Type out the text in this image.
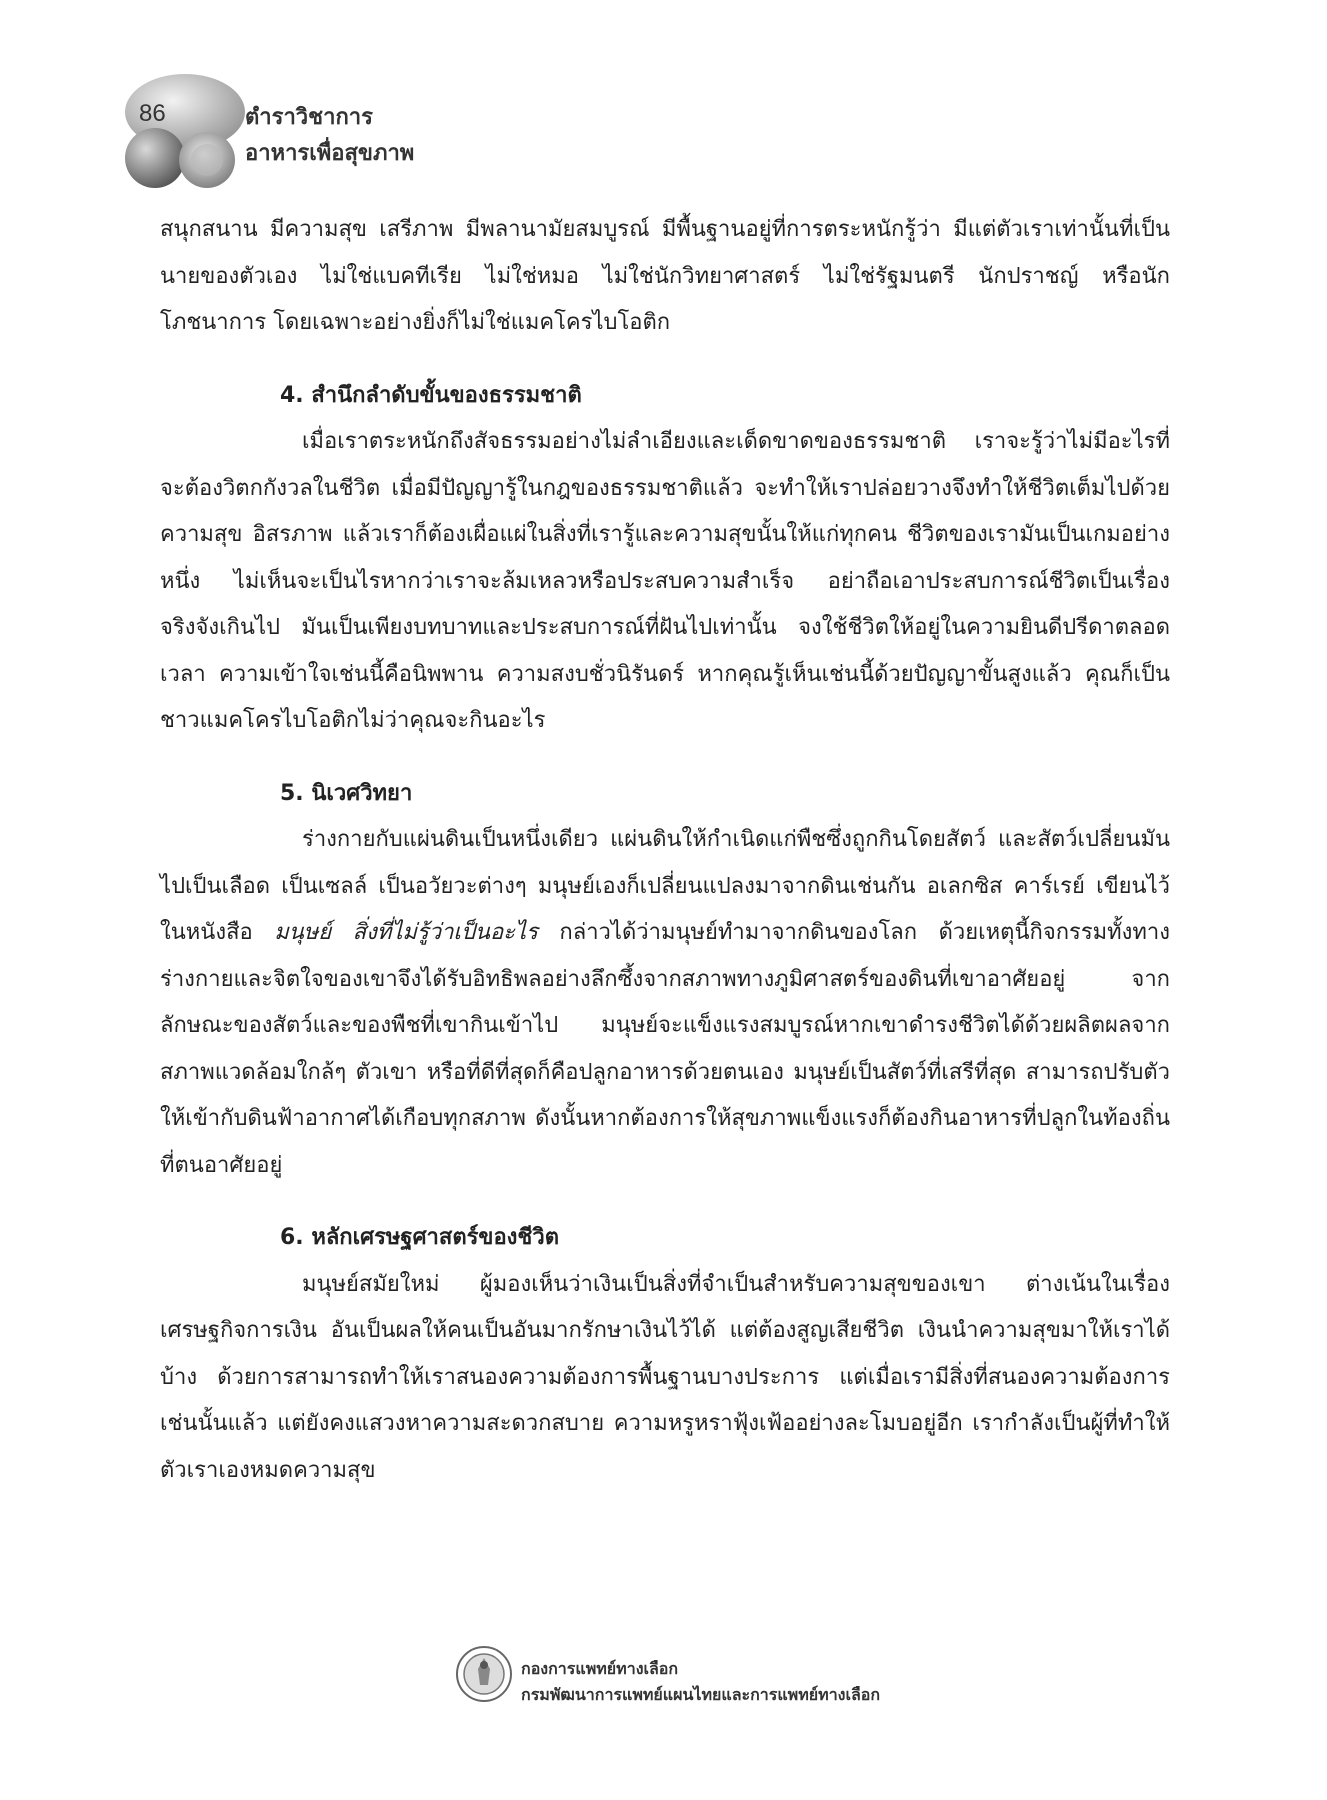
86	ตำราวิชาการ
อาหารเพื่อสุขภาพ

สนุกสนาน มีความสุข เสรีภาพ มีพลานามัยสมบูรณ์ มีพื้นฐานอยู่ที่การตระหนักรู้ว่า มีแต่ตัวเราเท่านั้นที่เป็นนายของตัวเอง ไม่ใช่แบคทีเรีย ไม่ใช่หมอ ไม่ใช่นักวิทยาศาสตร์ ไม่ใช่รัฐมนตรี นักปราชญ์ หรือนักโภชนาการ โดยเฉพาะอย่างยิ่งก็ไม่ใช่แมคโครไบโอติก

4. สำนึกลำดับขั้นของธรรมชาติ

เมื่อเราตระหนักถึงสัจธรรมอย่างไม่ลำเอียงและเด็ดขาดของธรรมชาติ เราจะรู้ว่าไม่มีอะไรที่จะต้องวิตกกังวลในชีวิต เมื่อมีปัญญารู้ในกฎของธรรมชาติแล้ว จะทำให้เราปล่อยวางจึงทำให้ชีวิตเต็มไปด้วยความสุข อิสรภาพ แล้วเราก็ต้องเผื่อแผ่ในสิ่งที่เรารู้และความสุขนั้นให้แก่ทุกคน ชีวิตของเรามันเป็นเกมอย่างหนึ่ง ไม่เห็นจะเป็นไรหากว่าเราจะล้มเหลวหรือประสบความสำเร็จ อย่าถือเอาประสบการณ์ชีวิตเป็นเรื่องจริงจังเกินไป มันเป็นเพียงบทบาทและประสบการณ์ที่ฝันไปเท่านั้น จงใช้ชีวิตให้อยู่ในความยินดีปรีดาตลอดเวลา ความเข้าใจเช่นนี้คือนิพพาน ความสงบชั่วนิรันดร์ หากคุณรู้เห็นเช่นนี้ด้วยปัญญาขั้นสูงแล้ว คุณก็เป็นชาวแมคโครไบโอติกไม่ว่าคุณจะกินอะไร

5. นิเวศวิทยา

ร่างกายกับแผ่นดินเป็นหนึ่งเดียว แผ่นดินให้กำเนิดแก่พืชซึ่งถูกกินโดยสัตว์ และสัตว์เปลี่ยนมันไปเป็นเลือด เป็นเซลล์ เป็นอวัยวะต่างๆ มนุษย์เองก็เปลี่ยนแปลงมาจากดินเช่นกัน อเลกซิส คาร์เรย์ เขียนไว้ในหนังสือ มนุษย์ สิ่งที่ไม่รู้ว่าเป็นอะไร กล่าวได้ว่ามนุษย์ทำมาจากดินของโลก ด้วยเหตุนี้กิจกรรมทั้งทางร่างกายและจิตใจของเขาจึงได้รับอิทธิพลอย่างลึกซึ้งจากสภาพทางภูมิศาสตร์ของดินที่เขาอาศัยอยู่ จากลักษณะของสัตว์และของพืชที่เขากินเข้าไป มนุษย์จะแข็งแรงสมบูรณ์หากเขาดำรงชีวิตได้ด้วยผลิตผลจากสภาพแวดล้อมใกล้ๆ ตัวเขา หรือที่ดีที่สุดก็คือปลูกอาหารด้วยตนเอง มนุษย์เป็นสัตว์ที่เสรีที่สุด สามารถปรับตัวให้เข้ากับดินฟ้าอากาศได้เกือบทุกสภาพ ดังนั้นหากต้องการให้สุขภาพแข็งแรงก็ต้องกินอาหารที่ปลูกในท้องถิ่นที่ตนอาศัยอยู่

6. หลักเศรษฐศาสตร์ของชีวิต

มนุษย์สมัยใหม่ ผู้มองเห็นว่าเงินเป็นสิ่งที่จำเป็นสำหรับความสุขของเขา ต่างเน้นในเรื่องเศรษฐกิจการเงิน อันเป็นผลให้คนเป็นอันมากรักษาเงินไว้ได้ แต่ต้องสูญเสียชีวิต เงินนำความสุขมาให้เราได้บ้าง ด้วยการสามารถทำให้เราสนองความต้องการพื้นฐานบางประการ แต่เมื่อเรามีสิ่งที่สนองความต้องการเช่นนั้นแล้ว แต่ยังคงแสวงหาความสะดวกสบาย ความหรูหราฟุ้งเฟ้ออย่างละโมบอยู่อีก เรากำลังเป็นผู้ที่ทำให้ตัวเราเองหมดความสุข

กองการแพทย์ทางเลือก
กรมพัฒนาการแพทย์แผนไทยและการแพทย์ทางเลือก
